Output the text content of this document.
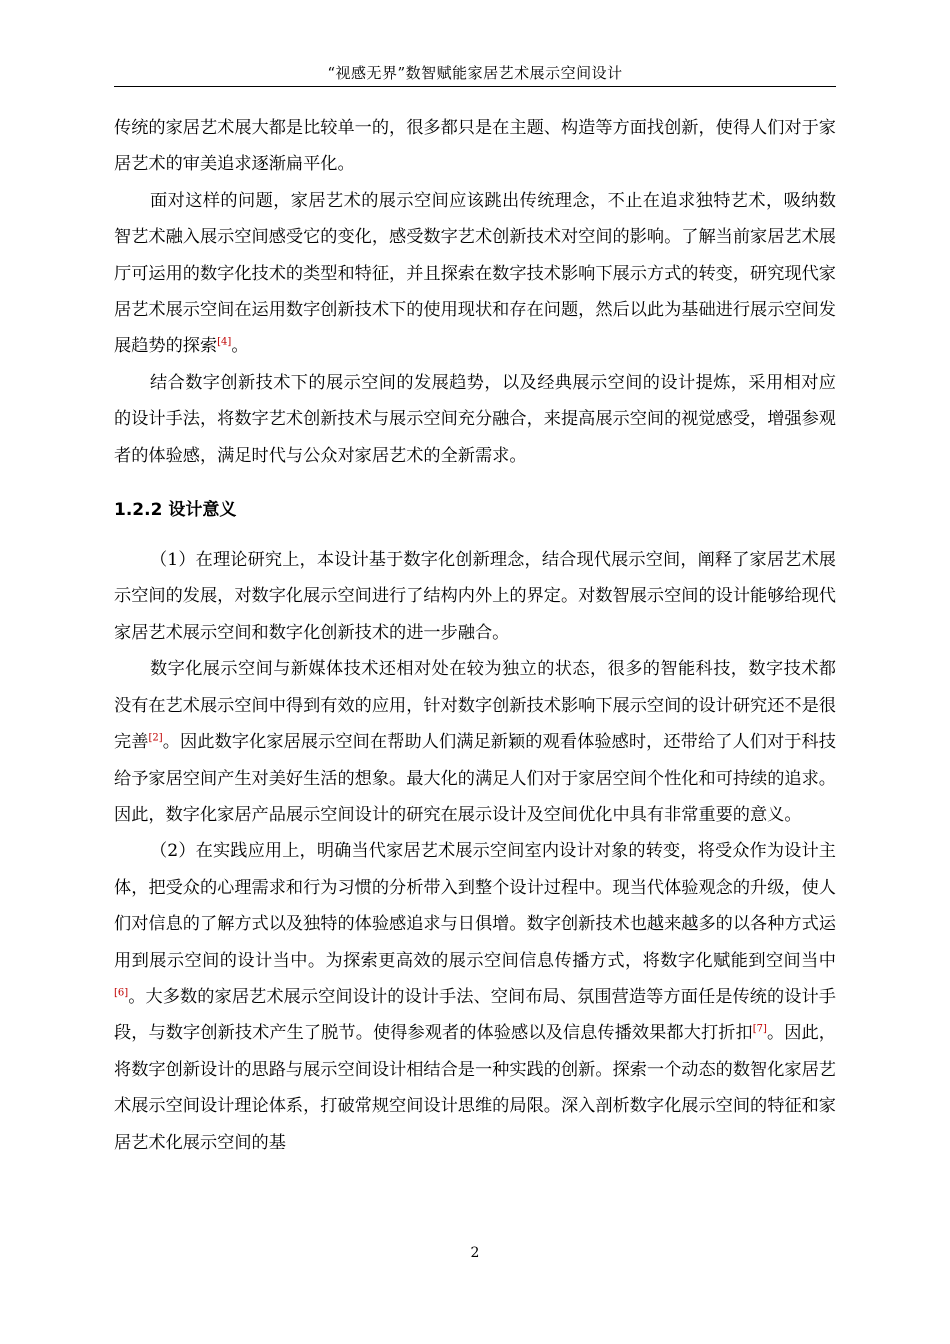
“视感无界”数智赋能家居艺术展示空间设计

传统的家居艺术展大都是比较单一的，很多都只是在主题、构造等方面找创新，使得人们对于家居艺术的审美追求逐渐扁平化。

面对这样的问题，家居艺术的展示空间应该跳出传统理念，不止在追求独特艺术，吸纳数智艺术融入展示空间感受它的变化，感受数字艺术创新技术对空间的影响。了解当前家居艺术展厅可运用的数字化技术的类型和特征，并且探索在数字技术影响下展示方式的转变，研究现代家居艺术展示空间在运用数字创新技术下的使用现状和存在问题，然后以此为基础进行展示空间发展趋势的探索[4]。

结合数字创新技术下的展示空间的发展趋势，以及经典展示空间的设计提炼，采用相对应的设计手法，将数字艺术创新技术与展示空间充分融合，来提高展示空间的视觉感受，增强参观者的体验感，满足时代与公众对家居艺术的全新需求。

1.2.2 设计意义

（1）在理论研究上，本设计基于数字化创新理念，结合现代展示空间，阐释了家居艺术展示空间的发展，对数字化展示空间进行了结构内外上的界定。对数智展示空间的设计能够给现代家居艺术展示空间和数字化创新技术的进一步融合。

数字化展示空间与新媒体技术还相对处在较为独立的状态，很多的智能科技，数字技术都没有在艺术展示空间中得到有效的应用，针对数字创新技术影响下展示空间的设计研究还不是很完善[2]。因此数字化家居展示空间在帮助人们满足新颖的观看体验感时，还带给了人们对于科技给予家居空间产生对美好生活的想象。最大化的满足人们对于家居空间个性化和可持续的追求。因此，数字化家居产品展示空间设计的研究在展示设计及空间优化中具有非常重要的意义。

（2）在实践应用上，明确当代家居艺术展示空间室内设计对象的转变，将受众作为设计主体，把受众的心理需求和行为习惯的分析带入到整个设计过程中。现当代体验观念的升级，使人们对信息的了解方式以及独特的体验感追求与日俱增。数字创新技术也越来越多的以各种方式运用到展示空间的设计当中。为探索更高效的展示空间信息传播方式，将数字化赋能到空间当中[6]。大多数的家居艺术展示空间设计的设计手法、空间布局、氛围营造等方面任是传统的设计手段，与数字创新技术产生了脱节。使得参观者的体验感以及信息传播效果都大打折扣[7]。因此，将数字创新设计的思路与展示空间设计相结合是一种实践的创新。探索一个动态的数智化家居艺术展示空间设计理论体系，打破常规空间设计思维的局限。深入剖析数字化展示空间的特征和家居艺术化展示空间的基

2
